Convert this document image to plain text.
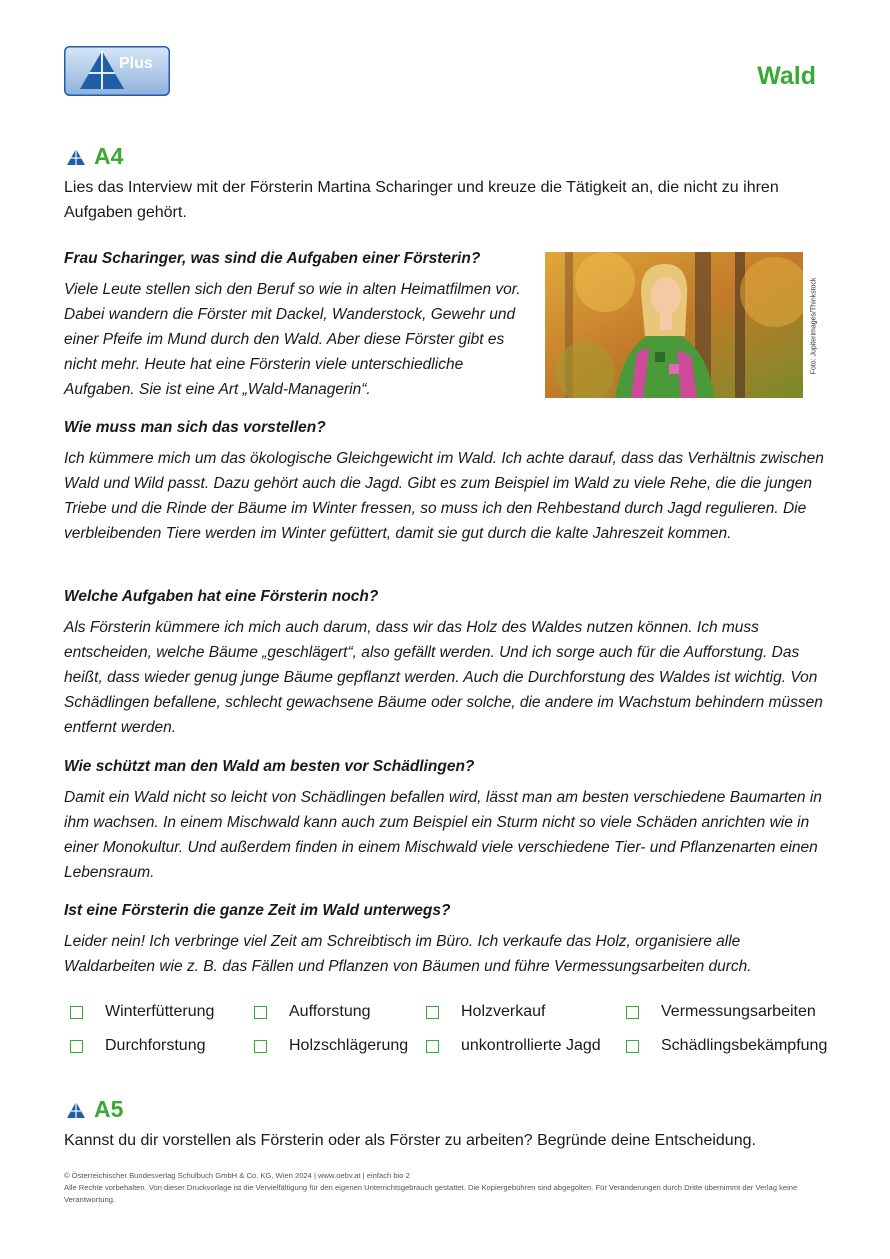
Plus	Wald
A4
Lies das Interview mit der Försterin Martina Scharinger und kreuze die Tätigkeit an, die nicht zu ihren Aufgaben gehört.
Foto: Jupiterimages/Thinkstock
Frau Scharinger, was sind die Aufgaben einer Försterin?
Viele Leute stellen sich den Beruf so wie in alten Heimatfilmen vor. Dabei wandern die Förster mit Dackel, Wanderstock, Gewehr und einer Pfeife im Mund durch den Wald. Aber diese Förster gibt es nicht mehr. Heute hat eine Försterin viele unterschiedliche Aufgaben. Sie ist eine Art „Wald-Managerin“.
Wie muss man sich das vorstellen?
Ich kümmere mich um das ökologische Gleichgewicht im Wald. Ich achte darauf, dass das Verhältnis zwischen Wald und Wild passt. Dazu gehört auch die Jagd. Gibt es zum Beispiel im Wald zu viele Rehe, die die jungen Triebe und die Rinde der Bäume im Winter fressen, so muss ich den Rehbestand durch Jagd regulieren. Die verbleibenden Tiere werden im Winter gefüttert, damit sie gut durch die kalte Jahreszeit kommen.
Welche Aufgaben hat eine Försterin noch?
Als Försterin kümmere ich mich auch darum, dass wir das Holz des Waldes nutzen können. Ich muss entscheiden, welche Bäume „geschlägert“, also gefällt werden. Und ich sorge auch für die Aufforstung. Das heißt, dass wieder genug junge Bäume gepflanzt werden. Auch die Durchforstung des Waldes ist wichtig. Von Schädlingen befallene, schlecht gewachsene Bäume oder solche, die andere im Wachstum behindern müssen entfernt werden.
Wie schützt man den Wald am besten vor Schädlingen?
Damit ein Wald nicht so leicht von Schädlingen befallen wird, lässt man am besten verschiedene Baumarten in ihm wachsen. In einem Mischwald kann auch zum Beispiel ein Sturm nicht so viele Schäden anrichten wie in einer Monokultur. Und außerdem finden in einem Mischwald viele verschiedene Tier- und Pflanzenarten einen Lebensraum.
Ist eine Försterin die ganze Zeit im Wald unterwegs?
Leider nein! Ich verbringe viel Zeit am Schreibtisch im Büro. Ich verkaufe das Holz, organisiere alle Waldarbeiten wie z. B. das Fällen und Pflanzen von Bäumen und führe Vermessungsarbeiten durch.
Winterfütterung	Aufforstung	Holzverkauf	Vermessungsarbeiten
Durchforstung	Holzschlägerung	unkontrollierte Jagd	Schädlingsbekämpfung
A5
Kannst du dir vorstellen als Försterin oder als Förster zu arbeiten? Begründe deine Entscheidung.
© Österreichischer Bundesverlag Schulbuch GmbH & Co. KG, Wien 2024 | www.oebv.at | einfach bio 2
Alle Rechte vorbehalten. Von dieser Druckvorlage ist die Vervielfältigung für den eigenen Unterrichtsgebrauch gestattet. Die Kopiergebühren sind abgegolten. Für Veränderungen durch Dritte übernimmt der Verlag keine Verantwortung.
